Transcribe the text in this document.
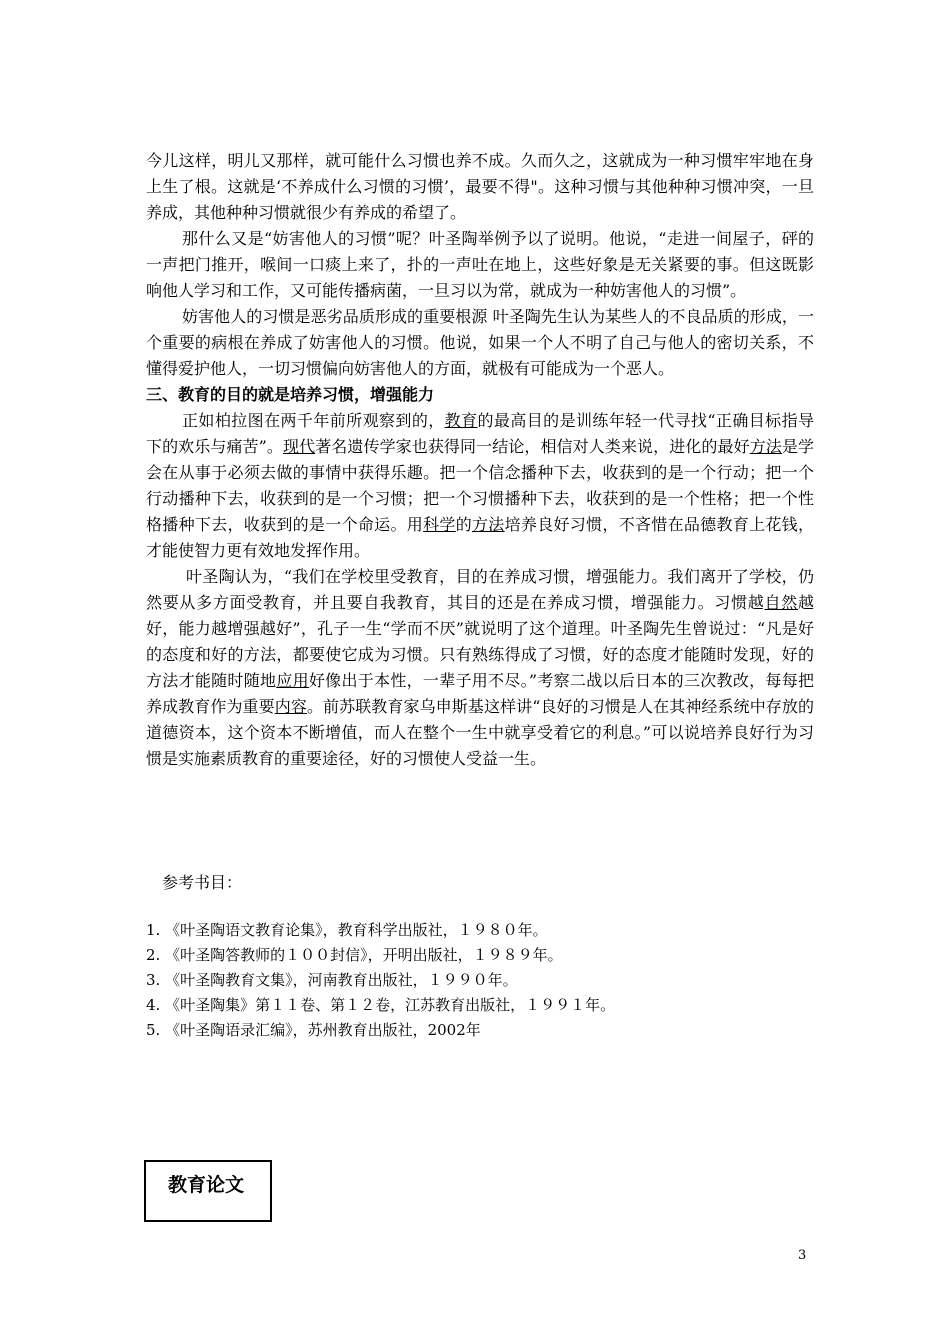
今儿这样，明儿又那样，就可能什么习惯也养不成。久而久之，这就成为一种习惯牢牢地在身上生了根。这就是‘不养成什么习惯的习惯’，最要不得"。这种习惯与其他种种习惯冲突，一旦养成，其他种种习惯就很少有养成的希望了。

那什么又是“妨害他人的习惯”呢？叶圣陶举例予以了说明。他说，“走进一间屋子，砰的一声把门推开，喉间一口痰上来了，扑的一声吐在地上，这些好象是无关紧要的事。但这既影响他人学习和工作，又可能传播病菌，一旦习以为常，就成为一种妨害他人的习惯”。

妨害他人的习惯是恶劣品质形成的重要根源 叶圣陶先生认为某些人的不良品质的形成，一个重要的病根在养成了妨害他人的习惯。他说，如果一个人不明了自己与他人的密切关系，不懂得爱护他人，一切习惯偏向妨害他人的方面，就极有可能成为一个恶人。

三、教育的目的就是培养习惯，增强能力

正如柏拉图在两千年前所观察到的，教育的最高目的是训练年轻一代寻找“正确目标指导下的欢乐与痛苦”。现代著名遗传学家也获得同一结论，相信对人类来说，进化的最好方法是学会在从事于必须去做的事情中获得乐趣。把一个信念播种下去，收获到的是一个行动；把一个行动播种下去，收获到的是一个习惯；把一个习惯播种下去，收获到的是一个性格；把一个性格播种下去，收获到的是一个命运。用科学的方法培养良好习惯，不吝惜在品德教育上花钱，才能使智力更有效地发挥作用。

叶圣陶认为，“我们在学校里受教育，目的在养成习惯，增强能力。我们离开了学校，仍然要从多方面受教育，并且要自我教育，其目的还是在养成习惯，增强能力。习惯越自然越好，能力越增强越好”，孔子一生“学而不厌”就说明了这个道理。叶圣陶先生曾说过：“凡是好的态度和好的方法，都要使它成为习惯。只有熟练得成了习惯，好的态度才能随时发现，好的方法才能随时随地应用好像出于本性，一辈子用不尽。”考察二战以后日本的三次教改，每每把养成教育作为重要内容。前苏联教育家乌申斯基这样讲“良好的习惯是人在其神经系统中存放的道德资本，这个资本不断增值，而人在整个一生中就享受着它的利息。”可以说培养良好行为习惯是实施素质教育的重要途径，好的习惯使人受益一生。

参考书目：
1. 《叶圣陶语文教育论集》，教育科学出版社，１９８０年。
2. 《叶圣陶答教师的１００封信》，开明出版社，１９８９年。
3. 《叶圣陶教育文集》，河南教育出版社，１９９０年。
4. 《叶圣陶集》第１１卷、第１２卷，江苏教育出版社，１９９１年。
5. 《叶圣陶语录汇编》，苏州教育出版社，2002年
教育论文
3
